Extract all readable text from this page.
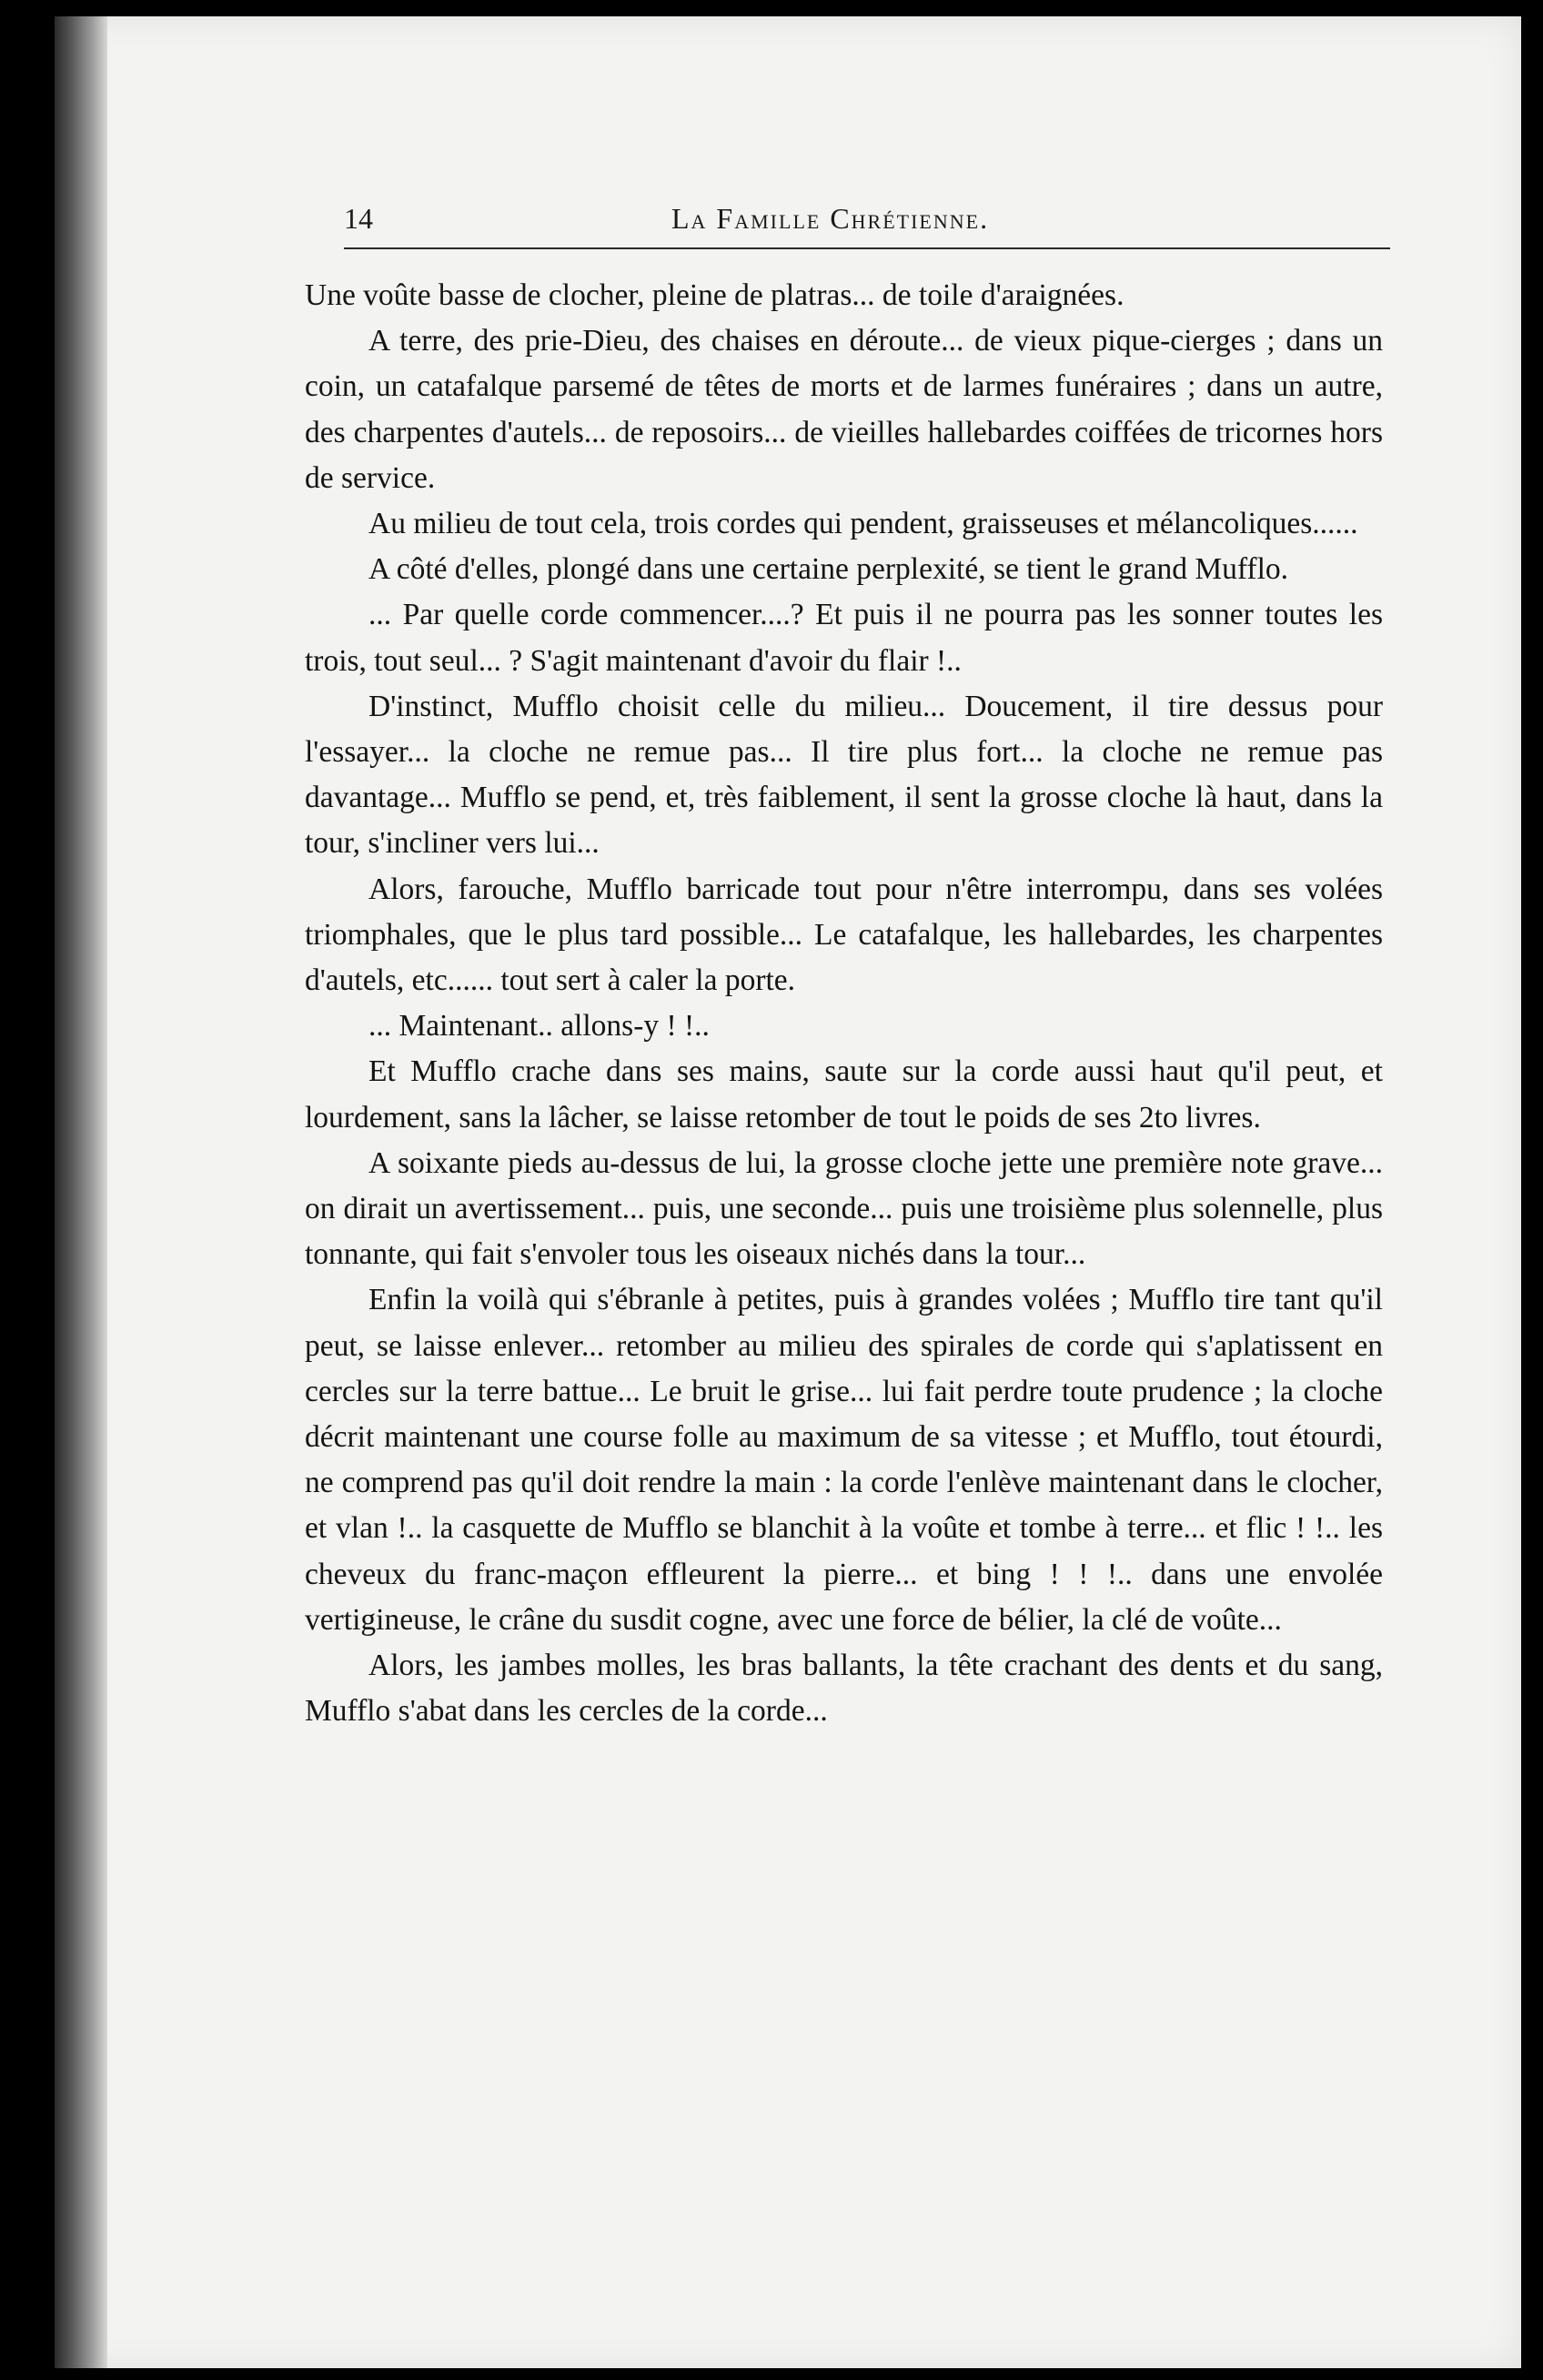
14	La Famille Chrétienne.

Une voûte basse de clocher, pleine de platras... de toile d'araignées.

A terre, des prie-Dieu, des chaises en déroute... de vieux pique-cierges ; dans un coin, un catafalque parsemé de têtes de morts et de larmes funéraires ; dans un autre, des charpentes d'autels... de reposoirs... de vieilles hallebardes coiffées de tricornes hors de service.

Au milieu de tout cela, trois cordes qui pendent, graisseuses et mélancoliques......

A côté d'elles, plongé dans une certaine perplexité, se tient le grand Mufflo.

... Par quelle corde commencer....? Et puis il ne pourra pas les sonner toutes les trois, tout seul... ? S'agit maintenant d'avoir du flair !..

D'instinct, Mufflo choisit celle du milieu... Doucement, il tire dessus pour l'essayer... la cloche ne remue pas... Il tire plus fort... la cloche ne remue pas davantage... Mufflo se pend, et, très faiblement, il sent la grosse cloche là haut, dans la tour, s'incliner vers lui...

Alors, farouche, Mufflo barricade tout pour n'être interrompu, dans ses volées triomphales, que le plus tard possible... Le catafalque, les hallebardes, les charpentes d'autels, etc...... tout sert à caler la porte.

... Maintenant.. allons-y ! !..

Et Mufflo crache dans ses mains, saute sur la corde aussi haut qu'il peut, et lourdement, sans la lâcher, se laisse retomber de tout le poids de ses 2to livres.

A soixante pieds au-dessus de lui, la grosse cloche jette une première note grave... on dirait un avertissement... puis, une seconde... puis une troisième plus solennelle, plus tonnante, qui fait s'envoler tous les oiseaux nichés dans la tour...

Enfin la voilà qui s'ébranle à petites, puis à grandes volées ; Mufflo tire tant qu'il peut, se laisse enlever... retomber au milieu des spirales de corde qui s'aplatissent en cercles sur la terre battue... Le bruit le grise... lui fait perdre toute prudence ; la cloche décrit maintenant une course folle au maximum de sa vitesse ; et Mufflo, tout étourdi, ne comprend pas qu'il doit rendre la main : la corde l'enlève maintenant dans le clocher, et vlan !.. la casquette de Mufflo se blanchit à la voûte et tombe à terre... et flic ! !.. les cheveux du franc-maçon effleurent la pierre... et bing ! ! !.. dans une envolée vertigineuse, le crâne du susdit cogne, avec une force de bélier, la clé de voûte...

Alors, les jambes molles, les bras ballants, la tête crachant des dents et du sang, Mufflo s'abat dans les cercles de la corde...
